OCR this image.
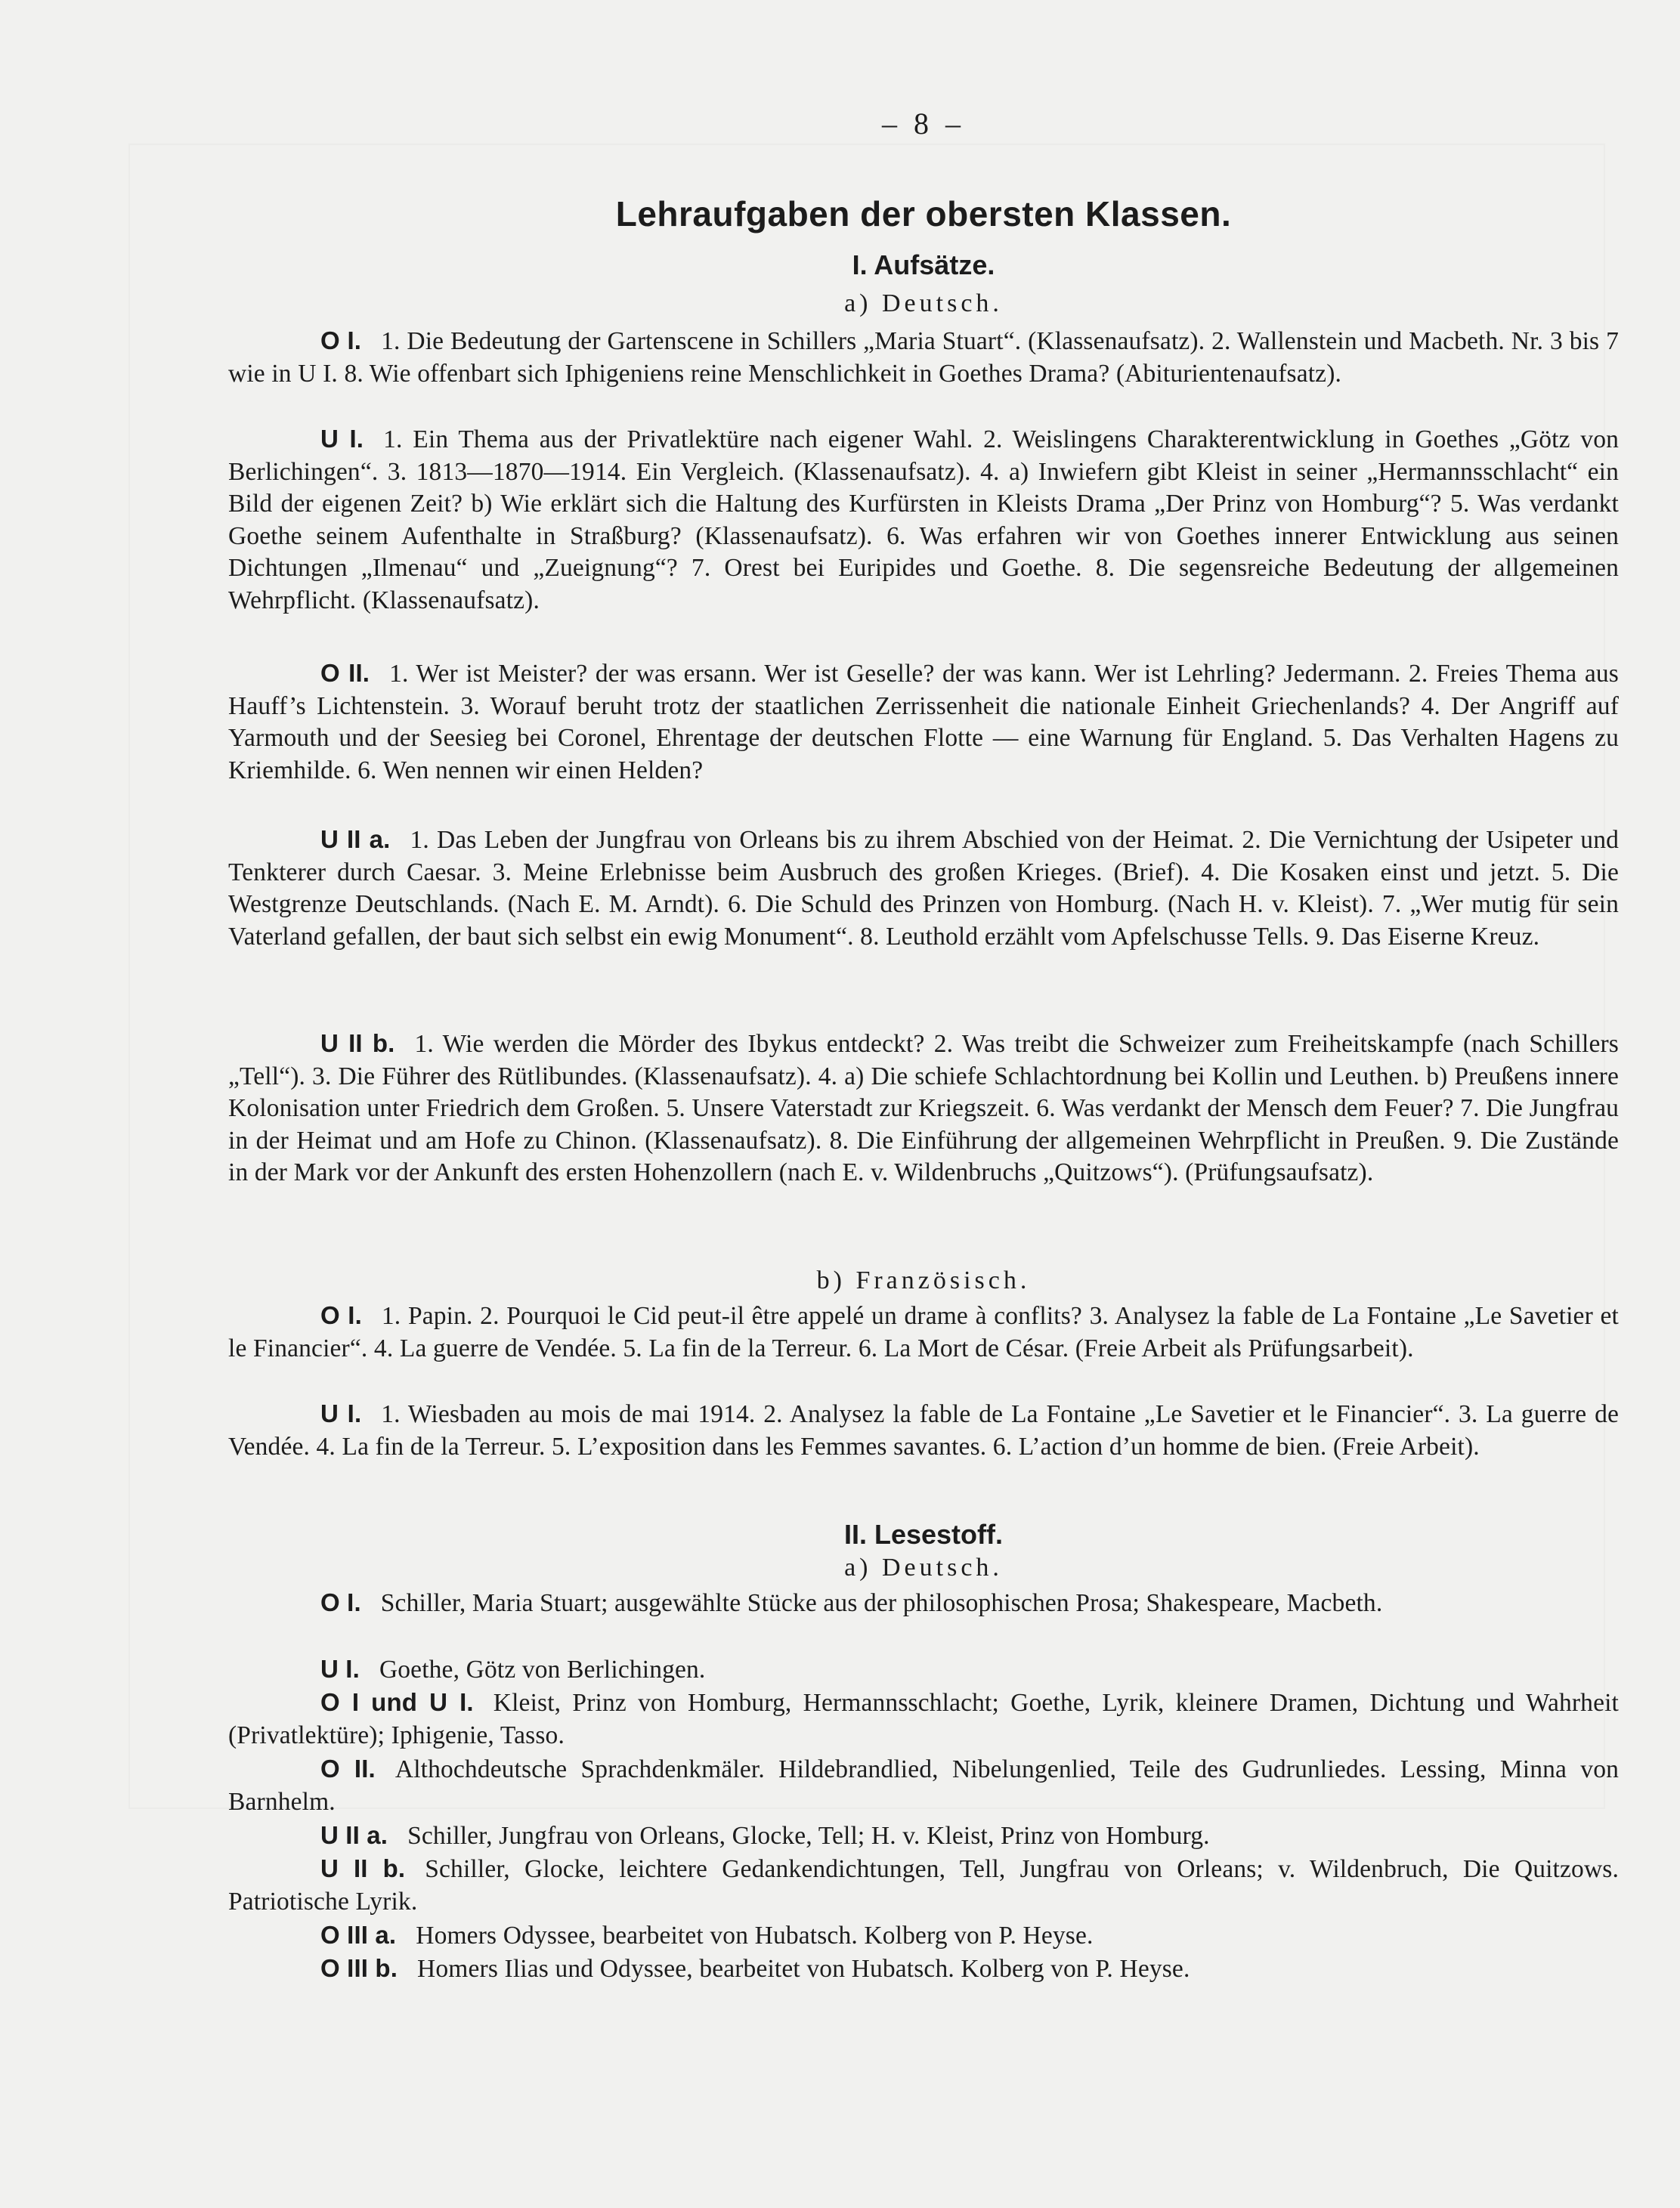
– 8 –
Lehraufgaben der obersten Klassen.
I. Aufsätze.
a) Deutsch.
O I. 1. Die Bedeutung der Gartenscene in Schillers „Maria Stuart“. (Klassenaufsatz). 2. Wallenstein und Macbeth. Nr. 3 bis 7 wie in U I. 8. Wie offenbart sich Iphigeniens reine Menschlichkeit in Goethes Drama? (Abiturientenaufsatz).
U I. 1. Ein Thema aus der Privatlektüre nach eigener Wahl. 2. Weislingens Charakterentwicklung in Goethes „Götz von Berlichingen“. 3. 1813—1870—1914. Ein Vergleich. (Klassenaufsatz). 4. a) Inwiefern gibt Kleist in seiner „Hermannsschlacht“ ein Bild der eigenen Zeit? b) Wie erklärt sich die Haltung des Kurfürsten in Kleists Drama „Der Prinz von Homburg“? 5. Was verdankt Goethe seinem Aufenthalte in Straßburg? (Klassenaufsatz). 6. Was erfahren wir von Goethes innerer Entwicklung aus seinen Dichtungen „Ilmenau“ und „Zueignung“? 7. Orest bei Euripides und Goethe. 8. Die segensreiche Bedeutung der allgemeinen Wehrpflicht. (Klassenaufsatz).
O II. 1. Wer ist Meister? der was ersann. Wer ist Geselle? der was kann. Wer ist Lehrling? Jedermann. 2. Freies Thema aus Hauff’s Lichtenstein. 3. Worauf beruht trotz der staatlichen Zerrissenheit die nationale Einheit Griechenlands? 4. Der Angriff auf Yarmouth und der Seesieg bei Coronel, Ehrentage der deutschen Flotte — eine Warnung für England. 5. Das Verhalten Hagens zu Kriemhilde. 6. Wen nennen wir einen Helden?
U II a. 1. Das Leben der Jungfrau von Orleans bis zu ihrem Abschied von der Heimat. 2. Die Vernichtung der Usipeter und Tenkterer durch Caesar. 3. Meine Erlebnisse beim Ausbruch des großen Krieges. (Brief). 4. Die Kosaken einst und jetzt. 5. Die Westgrenze Deutschlands. (Nach E. M. Arndt). 6. Die Schuld des Prinzen von Homburg. (Nach H. v. Kleist). 7. „Wer mutig für sein Vaterland gefallen, der baut sich selbst ein ewig Monument“. 8. Leuthold erzählt vom Apfelschusse Tells. 9. Das Eiserne Kreuz.
U II b. 1. Wie werden die Mörder des Ibykus entdeckt? 2. Was treibt die Schweizer zum Freiheitskampfe (nach Schillers „Tell“). 3. Die Führer des Rütlibundes. (Klassenaufsatz). 4. a) Die schiefe Schlachtordnung bei Kollin und Leuthen. b) Preußens innere Kolonisation unter Friedrich dem Großen. 5. Unsere Vaterstadt zur Kriegszeit. 6. Was verdankt der Mensch dem Feuer? 7. Die Jungfrau in der Heimat und am Hofe zu Chinon. (Klassenaufsatz). 8. Die Einführung der allgemeinen Wehrpflicht in Preußen. 9. Die Zustände in der Mark vor der Ankunft des ersten Hohenzollern (nach E. v. Wildenbruchs „Quitzows“). (Prüfungsaufsatz).
b) Französisch.
O I. 1. Papin. 2. Pourquoi le Cid peut-il être appelé un drame à conflits? 3. Analysez la fable de La Fontaine „Le Savetier et le Financier“. 4. La guerre de Vendée. 5. La fin de la Terreur. 6. La Mort de César. (Freie Arbeit als Prüfungsarbeit).
U I. 1. Wiesbaden au mois de mai 1914. 2. Analysez la fable de La Fontaine „Le Savetier et le Financier“. 3. La guerre de Vendée. 4. La fin de la Terreur. 5. L’exposition dans les Femmes savantes. 6. L’action d’un homme de bien. (Freie Arbeit).
II. Lesestoff.
a) Deutsch.
O I. Schiller, Maria Stuart; ausgewählte Stücke aus der philosophischen Prosa; Shakespeare, Macbeth.
U I. Goethe, Götz von Berlichingen.
O I und U I. Kleist, Prinz von Homburg, Hermannsschlacht; Goethe, Lyrik, kleinere Dramen, Dichtung und Wahrheit (Privatlektüre); Iphigenie, Tasso.
O II. Althochdeutsche Sprachdenkmäler. Hildebrandlied, Nibelungenlied, Teile des Gudrunliedes. Lessing, Minna von Barnhelm.
U II a. Schiller, Jungfrau von Orleans, Glocke, Tell; H. v. Kleist, Prinz von Homburg.
U II b. Schiller, Glocke, leichtere Gedankendichtungen, Tell, Jungfrau von Orleans; v. Wildenbruch, Die Quitzows. Patriotische Lyrik.
O III a. Homers Odyssee, bearbeitet von Hubatsch. Kolberg von P. Heyse.
O III b. Homers Ilias und Odyssee, bearbeitet von Hubatsch. Kolberg von P. Heyse.
